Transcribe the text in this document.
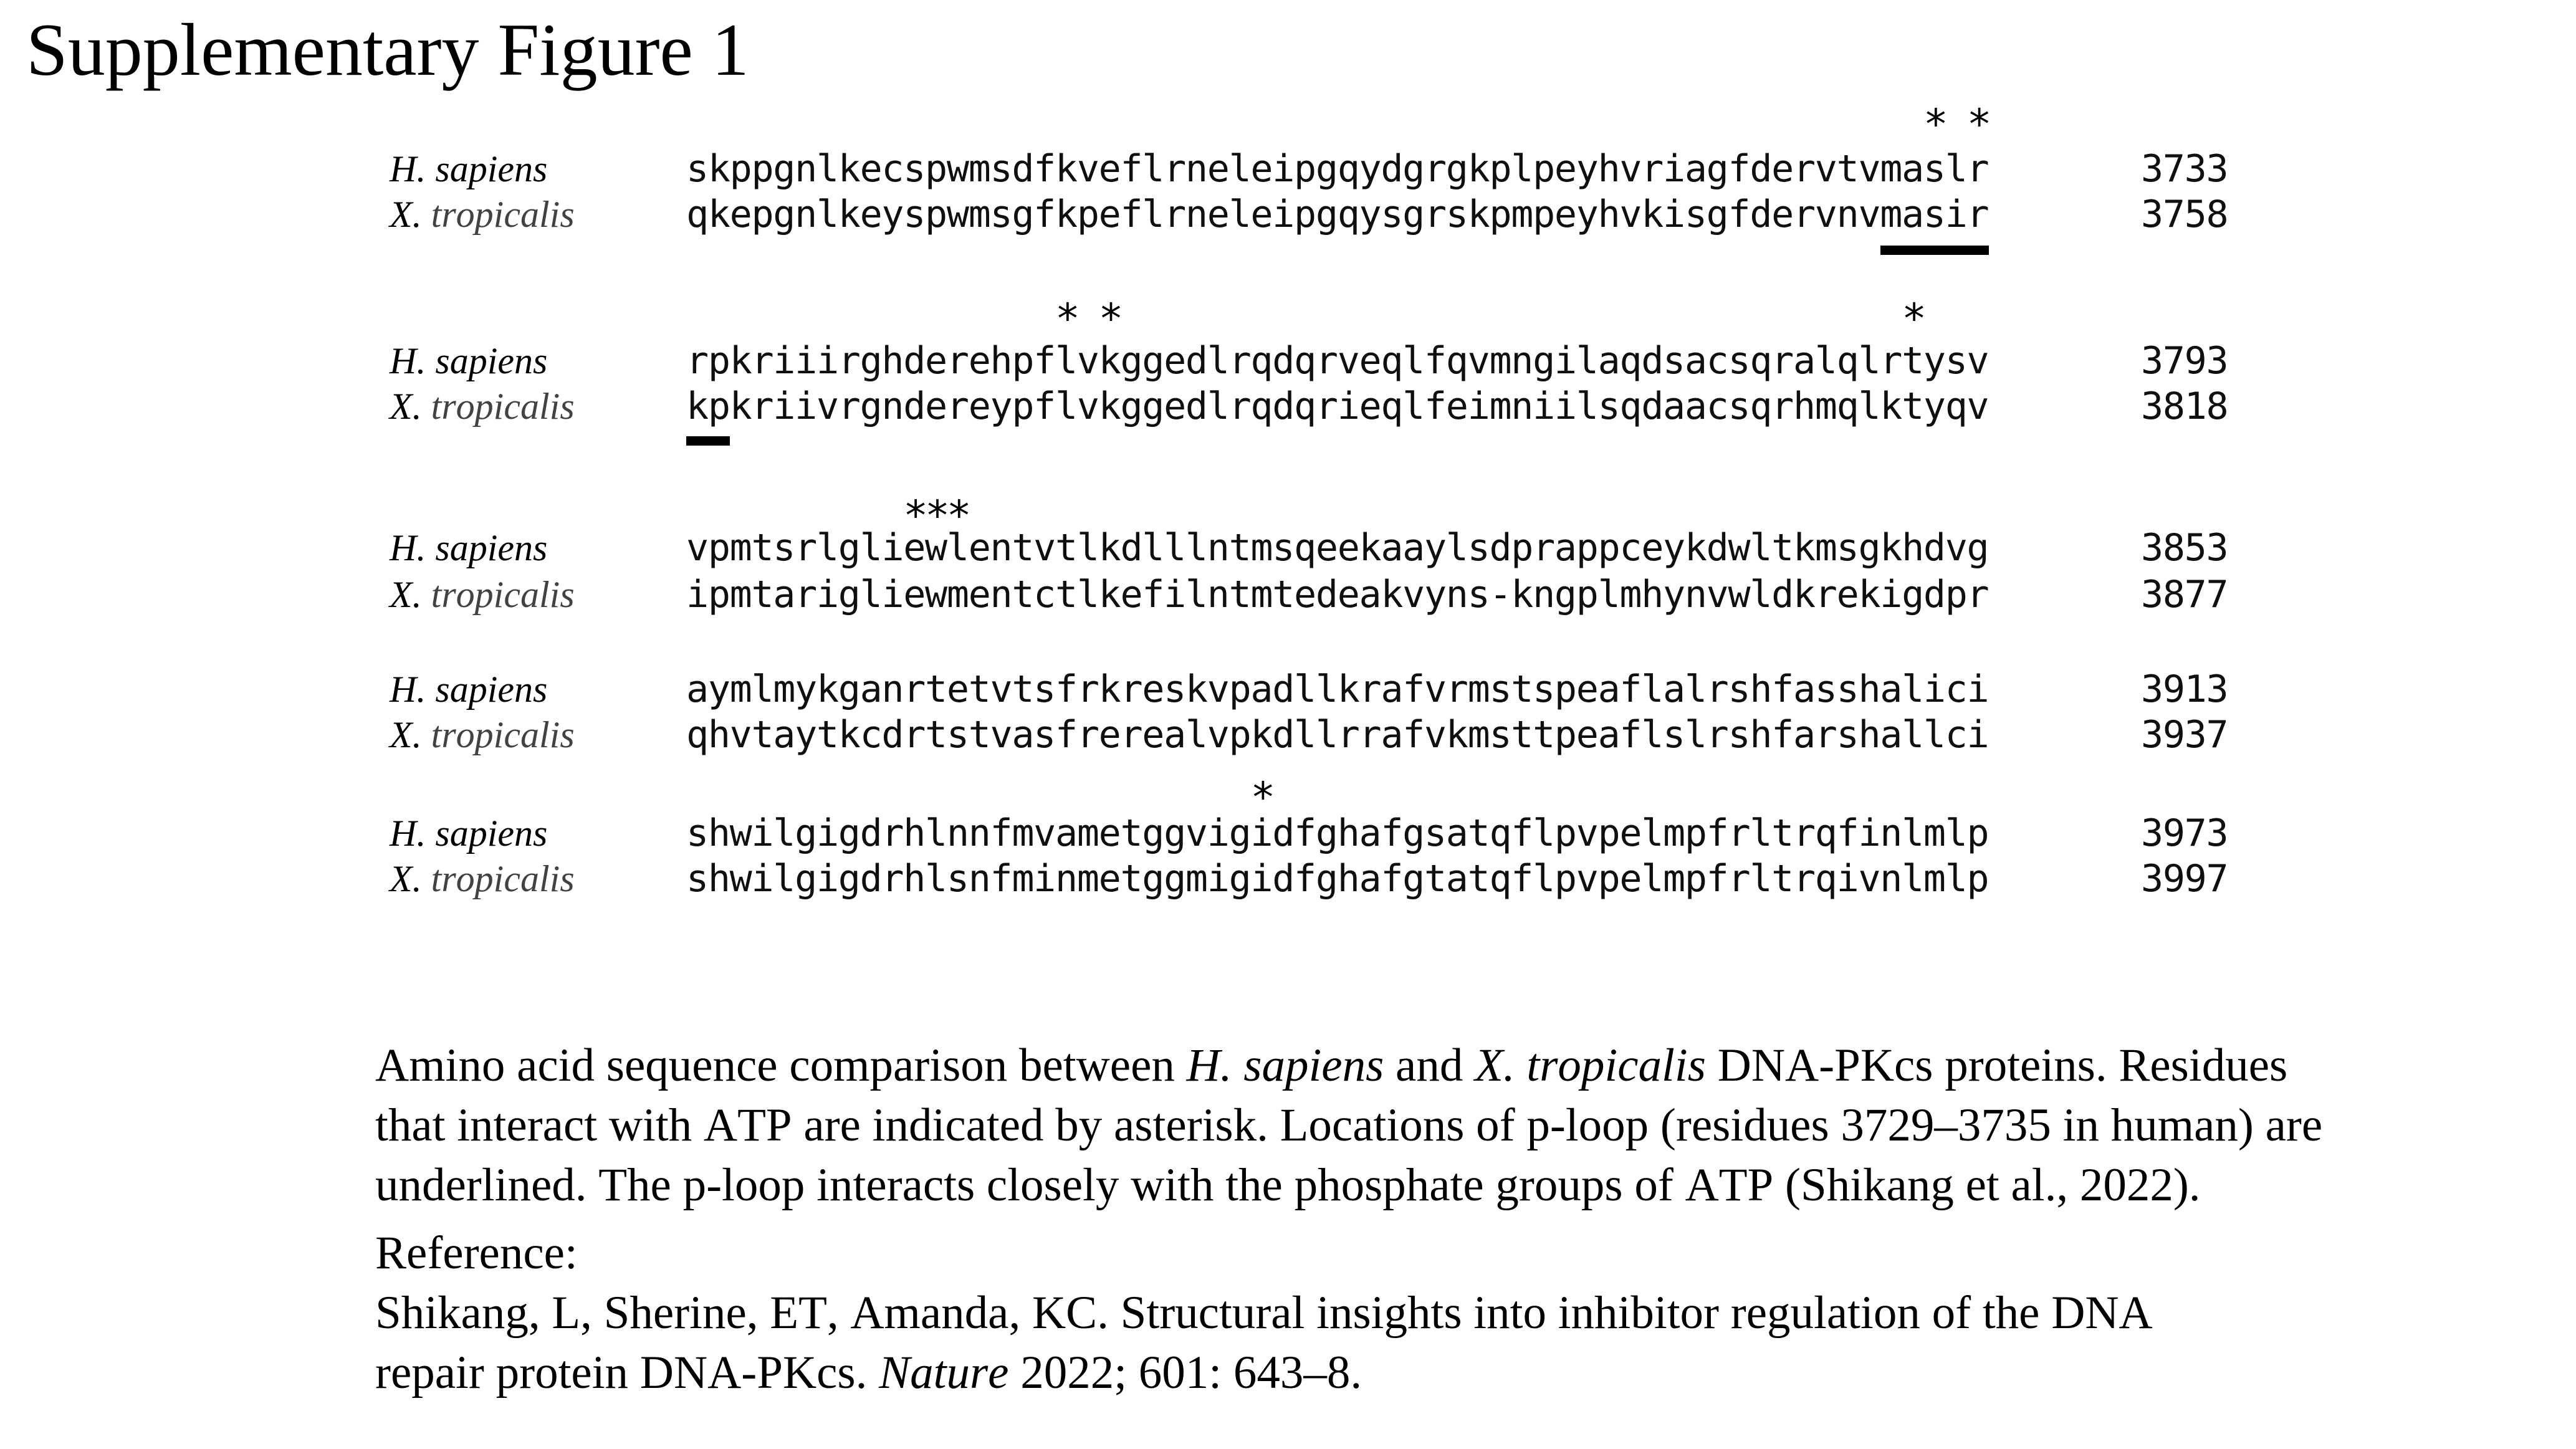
Supplementary Figure 1
* *
H. sapiens	skppgnlkecspwmsdfkveflrneleipgqydgrgkplpeyhvriagfdervtvmaslr	3733
X. tropicalis	qkepgnlkeyspwmsgfkpeflrneleipgqysgrskpmpeyhvkisgfdervnvmasir	3758
* *                                    *
H. sapiens	rpkriiirghderehpflvkggedlrqdqrveqlfqvmngilaqdsacsqralqlrtysv	3793
X. tropicalis	kpkriivrgndereypflvkggedlrqdqrieqlfeimniilsqdaacsqrhmqlktyqv	3818
***
H. sapiens	vpmtsrlgliewlentvtlkdlllntmsqeekaaylsdprappceykdwltkmsgkhdvg	3853
X. tropicalis	ipmtarigliewmentctlkefilntmtedeakvyns-kngplmhynvwldkrekigdpr	3877
H. sapiens	aymlmykganrtetvtsfrkreskvpadllkrafvrmstspeaflalrshfasshalici	3913
X. tropicalis	qhvtaytkcdrtstvasfrerealvpkdllrrafvkmsttpeaflslrshfarshallci	3937
*
H. sapiens	shwilgigdrhlnnfmvametggvigidfghafgsatqflpvpelmpfrltrqfinlmlp	3973
X. tropicalis	shwilgigdrhlsnfminmetggmigidfghafgtatqflpvpelmpfrltrqivnlmlp	3997
Amino acid sequence comparison between H. sapiens and X. tropicalis DNA-PKcs proteins. Residues
that interact with ATP are indicated by asterisk. Locations of p-loop (residues 3729–3735 in human) are
underlined. The p-loop interacts closely with the phosphate groups of ATP (Shikang et al., 2022).
Reference:
Shikang, L, Sherine, ET, Amanda, KC. Structural insights into inhibitor regulation of the DNA
repair protein DNA-PKcs. Nature 2022; 601: 643–8.
